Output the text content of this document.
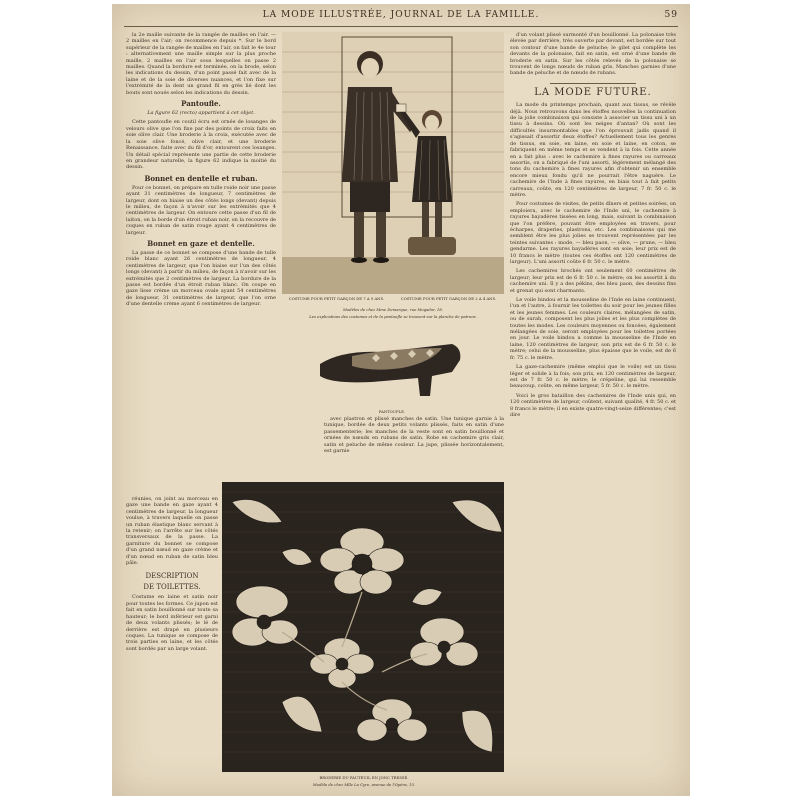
LA MODE ILLUSTRÉE, JOURNAL DE LA FAMILLE.	59

la 2e maille suivante de la rangée de mailles en l'air. — 2 mailles en l'air; on recommence depuis *. Sur le bord supérieur de la rangée de mailles en l'air, on fait le 4e tour : alternativement une maille simple sur la plus proche maille, 2 mailles en l'air sous lesquelles on passe 2 mailles. Quand la bordure est terminée, on la brode, selon les indications du dessin, d'un point passé fait avec de la laine et de la soie de diverses nuances, et l'on fixe sur l'extrémité de la dent un grand fil en grès lié dont les bouts sont noués selon les indications du dessin.

Pantoufle.

La figure 62 (recto) appartient à cet objet.

Cette pantoufle en coutil écru est ornée de losanges de velours olive que l'on fixe par des points de croix faits en soie olive clair. Une broderie à la croix, exécutée avec de la soie olive foncé, olive clair, et une broderie Renaissance, faite avec du fil d'or, entourent ces losanges. Un détail spécial représente une partie de cette broderie en grandeur naturelle, la figure 62 indique la moitié du dessin.

Bonnet en dentelle et ruban.

Pour ce bonnet, on prépare en tulle roide noir une passe ayant 31 centimètres de longueur, 7 centimètres de largeur, dont on biaise un des côtés longs (devant) depuis le milieu, de façon à n'avoir sur les extrémités que 4 centimètres de largeur. On entoure cette passe d'un fil de laiton, on la borde d'un étroit ruban noir, on la recouvre de coques en ruban de satin rouge ayant 4 centimètres de largeur.

Bonnet en gaze et dentelle.

La passe de ce bonnet se compose d'une bande de tulle roide blanc ayant 26 centimètres de longueur, 4 centimètres de largeur, que l'on biaise sur l'un des côtés longs (devant) à partir du milieu, de façon à n'avoir sur les extrémités que 2 centimètres de largeur. La bordure de la passe est bordée d'un étroit ruban blanc. On coupe en gaze lisse crème un morceau ovale ayant 54 centimètres de longueur, 31 centimètres de largeur, que l'on orne d'une dentelle crème ayant 6 centimètres de largeur.

réunies, on joint au morceau en gaze une bande en gaze ayant 4 centimètres de largeur, la longueur voulue, à travers laquelle on passe un ruban élastique blanc servant à la retenir; on l'arrête sur les côtés transversaux de la passe. La garniture du bonnet se compose d'un grand nœud en gaze crème et d'un nœud en ruban de satin bleu pâle.

DESCRIPTION
DE TOILETTES.

Costume en laine et satin noir pour toutes les formes. Ce jupon est fait en satin bouillonné sur toute sa hauteur; le bord inférieur est garni de deux volants plissés; le lé de derrière est drapé en plusieurs coques. La tunique se compose de trois parties en laine, et les côtés sont bordés par un large volant.

d'un volant plissé surmonté d'un bouillonné. La polonaise très élevée par derrière, très ouverte par devant, est bordée sur tout son contour d'une bande de peluche; le gilet qui complète les devants de la polonaise, fait en satin, est orné d'une bande de broderie en satin. Sur les côtés relevés de la polonaise se trouvent de longs nœuds de ruban gris. Manches garnies d'une bande de peluche et de nœuds de rubans.

LA MODE FUTURE.

La mode du printemps prochain, quant aux tissus, se révèle déjà. Nous retrouvons dans les étoffes nouvelles la continuation de la jolie combinaison qui consiste à associer un tissu uni à un tissu à dessins. Où sont les neiges d'antan? Où sont les difficultés insurmontables que l'on éprouvait jadis quand il s'agissait d'assortir deux étoffes? Actuellement tous les genres de tissus, en soie, en laine, en soie et laine, en coton, se fabriquent en même temps et se vendent à la fois. Cette année en a fait plus : avec le cachemire à fines rayures ou carreaux assortis, on a fabriqué de l'uni assorti, légèrement mélangé des tons du cachemire à fines rayures afin d'obtenir un ensemble encore mieux fondu qu'il ne pourrait l'être naguère. Le cachemire de l'Inde à fines rayures, en biais tout à fait petits carreaux, coûte, en 120 centimètres de largeur, 7 fr. 50 c. le mètre.

Pour costumes de visites, de petits dîners et petites soirées, on emploiera, avec le cachemire de l'Inde uni, le cachemire à rayures bayadères tissées en long, mais, suivant la combinaison que l'on préfère, pouvant être employées en travers, pour écharpes, draperies, plastrons, etc. Les combinaisons qui me semblent être les plus jolies se trouvent représentées par les teintes suivantes : mode, — bleu paon, — olive, — prune, — bleu gendarme. Les rayures bayadères sont en soie; leur prix est de 10 francs le mètre (toutes ces étoffes ont 120 centimètres de largeur). L'uni assorti coûte 6 fr. 50 c. le mètre.

Les cachemires brochés ont seulement 60 centimètres de largeur; leur prix est de 6 fr. 50 c. le mètre; on les assortit à du cachemire uni. Il y a des pékins, des bleu paon, des dessins fins et grenat qui sont charmants.

Le voile bindou et la mousseline de l'Inde en laine continuent, l'un et l'autre, à fournir les toilettes du soir pour les jeunes filles et les jeunes femmes. Les couleurs claires, mélangées de satin, ou de surah, composent les plus jolies et les plus complètes de toutes les modes. Les couleurs moyennes ou foncées, également mélangées de soie, seront employées pour les toilettes portées en jour. Le voile bindou a comme la mousseline de l'Inde en laine, 120 centimètres de largeur, son prix est de 6 fr. 50 c. le mètre; celui de la mousseline, plus épaisse que le voile, est de 6 fr. 75 c. le mètre.

La gaze-cachemire (même emploi que le voile) est un tissu léger et solide à la fois; son prix, en 120 centimètres de largeur, est de 7 fr. 50 c. le mètre; le crépeline, qui lui ressemble beaucoup, coûte, en même largeur, 5 fr. 50 c. le mètre.

Voici le gros bataillon des cachemires de l'Inde unis qui, en 120 centimètres de largeur, coûtent, suivant qualité, 4 fr. 50 c. et 8 francs le mètre; il en existe quatre-vingt-seize différentes; c'est dire

COSTUME POUR PETIT GARÇON DE 7 A 9 ANS.	COSTUME POUR PETIT GARÇON DE 2 A 4 ANS.
Modèles de chez Mme Demarque, rue Mogador, 18.
Les explications des costumes et de la pantoufle se trouvent sur la planche de patrons.
PANTOUFLE.

avec plastron et plissé manches de satin. Une tunique garnie à la tunique, bordée de deux petits volants plissés, faits en satin d'une passementerie; les manches de la veste sont en satin bouillonné et ornées de nœuds en rubans de satin. Robe en cachemire gris clair, satin et peluche de même couleur. La jupe, plissée horizontalement, est garnie

BRODERIE DU FAUTEUIL EN JONC TRESSÉ.
Modèle de chez Mlle La Cyre, avenue de l'Opéra, 15.
